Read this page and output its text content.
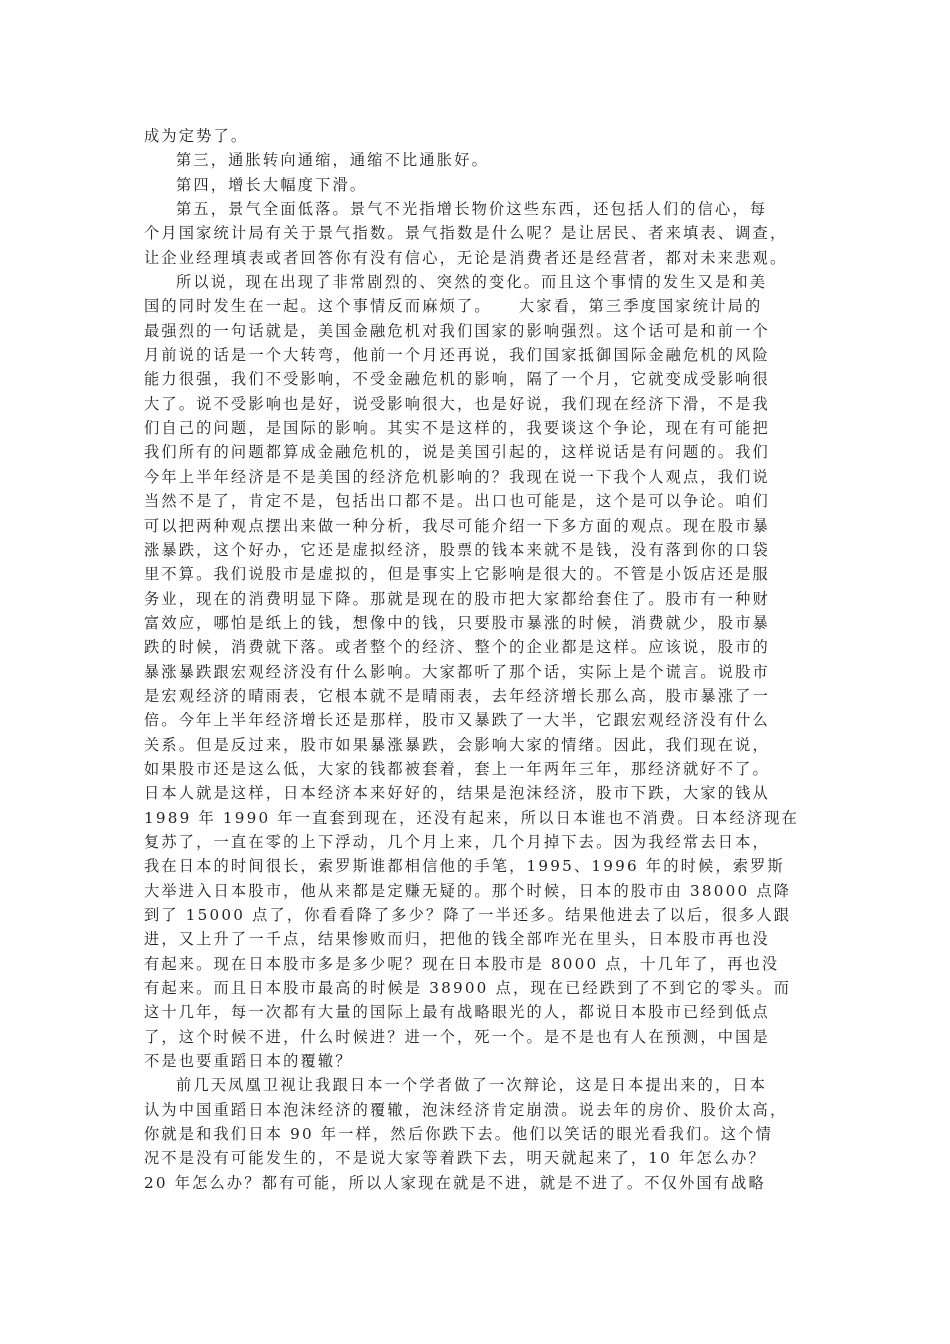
成为定势了。
第三，通胀转向通缩，通缩不比通胀好。
第四，增长大幅度下滑。
第五，景气全面低落。景气不光指增长物价这些东西，还包括人们的信心，每
个月国家统计局有关于景气指数。景气指数是什么呢？是让居民、者来填表、调查，
让企业经理填表或者回答你有没有信心，无论是消费者还是经营者，都对未来悲观。
所以说，现在出现了非常剧烈的、突然的变化。而且这个事情的发生又是和美
国的同时发生在一起。这个事情反而麻烦了。　　大家看，第三季度国家统计局的
最强烈的一句话就是，美国金融危机对我们国家的影响强烈。这个话可是和前一个
月前说的话是一个大转弯，他前一个月还再说，我们国家抵御国际金融危机的风险
能力很强，我们不受影响，不受金融危机的影响，隔了一个月，它就变成受影响很
大了。说不受影响也是好，说受影响很大，也是好说，我们现在经济下滑，不是我
们自己的问题，是国际的影响。其实不是这样的，我要谈这个争论，现在有可能把
我们所有的问题都算成金融危机的，说是美国引起的，这样说话是有问题的。我们
今年上半年经济是不是美国的经济危机影响的？我现在说一下我个人观点，我们说
当然不是了，肯定不是，包括出口都不是。出口也可能是，这个是可以争论。咱们
可以把两种观点摆出来做一种分析，我尽可能介绍一下多方面的观点。现在股市暴
涨暴跌，这个好办，它还是虚拟经济，股票的钱本来就不是钱，没有落到你的口袋
里不算。我们说股市是虚拟的，但是事实上它影响是很大的。不管是小饭店还是服
务业，现在的消费明显下降。那就是现在的股市把大家都给套住了。股市有一种财
富效应，哪怕是纸上的钱，想像中的钱，只要股市暴涨的时候，消费就少，股市暴
跌的时候，消费就下落。或者整个的经济、整个的企业都是这样。应该说，股市的
暴涨暴跌跟宏观经济没有什么影响。大家都听了那个话，实际上是个谎言。说股市
是宏观经济的晴雨表，它根本就不是晴雨表，去年经济增长那么高，股市暴涨了一
倍。今年上半年经济增长还是那样，股市又暴跌了一大半，它跟宏观经济没有什么
关系。但是反过来，股市如果暴涨暴跌，会影响大家的情绪。因此，我们现在说，
如果股市还是这么低，大家的钱都被套着，套上一年两年三年，那经济就好不了。
日本人就是这样，日本经济本来好好的，结果是泡沫经济，股市下跌，大家的钱从
1989 年 1990 年一直套到现在，还没有起来，所以日本谁也不消费。日本经济现在
复苏了，一直在零的上下浮动，几个月上来，几个月掉下去。因为我经常去日本，
我在日本的时间很长，索罗斯谁都相信他的手笔，1995、1996 年的时候，索罗斯
大举进入日本股市，他从来都是定赚无疑的。那个时候，日本的股市由 38000 点降
到了 15000 点了，你看看降了多少？降了一半还多。结果他进去了以后，很多人跟
进，又上升了一千点，结果惨败而归，把他的钱全部咋光在里头，日本股市再也没
有起来。现在日本股市多是多少呢？现在日本股市是 8000 点，十几年了，再也没
有起来。而且日本股市最高的时候是 38900 点，现在已经跌到了不到它的零头。而
这十几年，每一次都有大量的国际上最有战略眼光的人，都说日本股市已经到低点
了，这个时候不进，什么时候进？进一个，死一个。是不是也有人在预测，中国是
不是也要重蹈日本的覆辙？
前几天凤凰卫视让我跟日本一个学者做了一次辩论，这是日本提出来的，日本
认为中国重蹈日本泡沫经济的覆辙，泡沫经济肯定崩溃。说去年的房价、股价太高，
你就是和我们日本 90 年一样，然后你跌下去。他们以笑话的眼光看我们。这个情
况不是没有可能发生的，不是说大家等着跌下去，明天就起来了，10 年怎么办？
20 年怎么办？都有可能，所以人家现在就是不进，就是不进了。不仅外国有战略
